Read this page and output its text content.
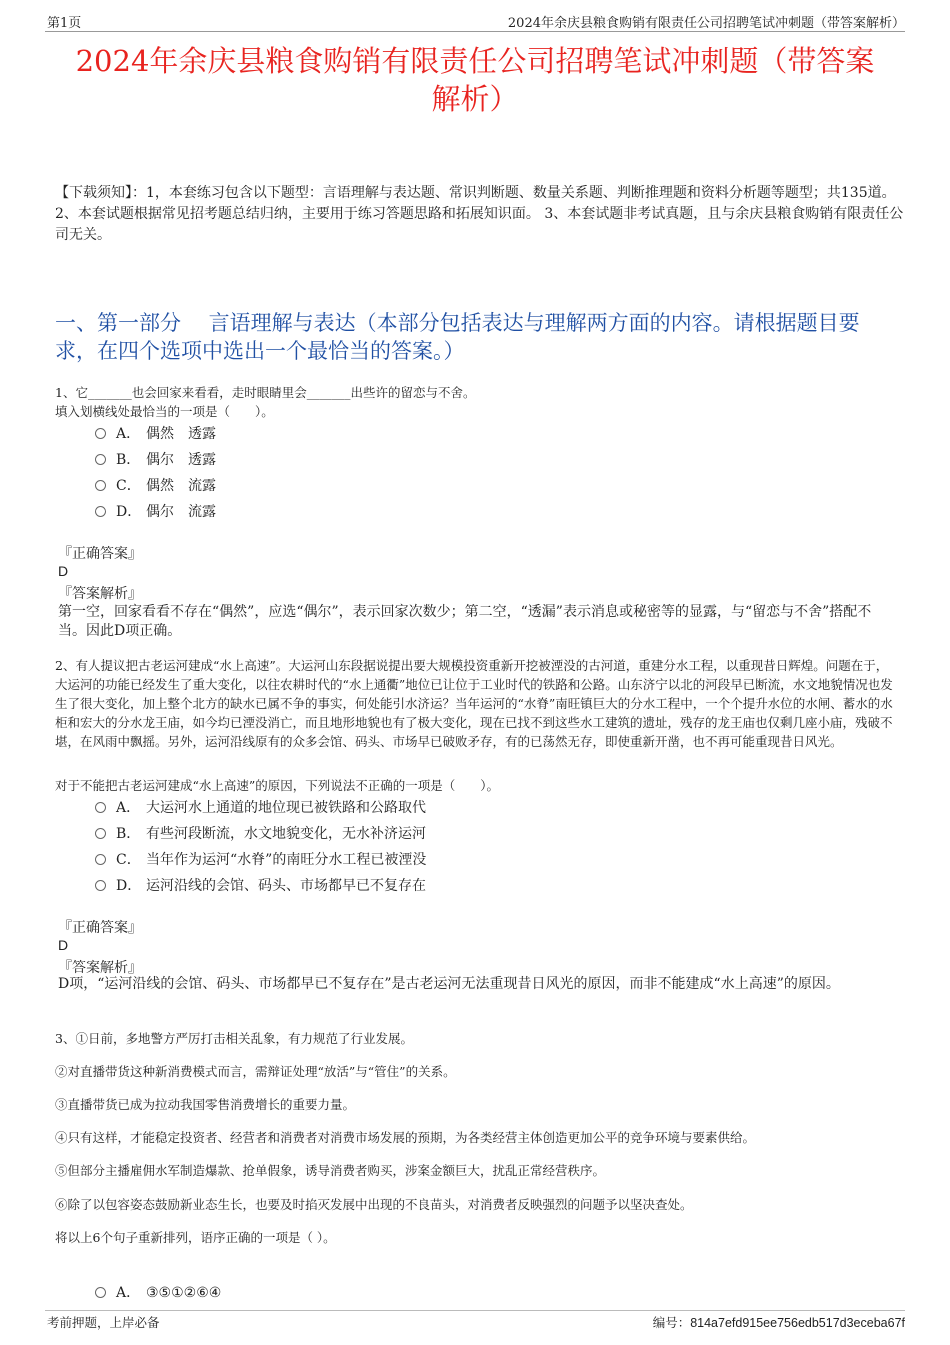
第1页	2024年余庆县粮食购销有限责任公司招聘笔试冲刺题（带答案解析）
2024年余庆县粮食购销有限责任公司招聘笔试冲刺题（带答案
解析）
【下载须知】：1，本套练习包含以下题型：言语理解与表达题、常识判断题、数量关系题、判断推理题和资料分析题等题型；共135道。 2、本套试题根据常见招考题总结归纳，主要用于练习答题思路和拓展知识面。 3、本套试题非考试真题，且与余庆县粮食购销有限责任公司无关。
一、第一部分　 言语理解与表达（本部分包括表达与理解两方面的内容。请根据题目要求，在四个选项中选出一个最恰当的答案。）
1、它_______也会回家来看看，走时眼睛里会_______出些许的留恋与不舍。
填入划横线处最恰当的一项是（　　）。
A． 偶然　透露
B． 偶尔　透露
C． 偶然　流露
D． 偶尔　流露
『正确答案』
D
『答案解析』
第一空，回家看看不存在“偶然”，应选“偶尔”，表示回家次数少；第二空，“透漏”表示消息或秘密等的显露，与“留恋与不舍”搭配不当。因此D项正确。
2、有人提议把古老运河建成“水上高速”。大运河山东段据说提出要大规模投资重新开挖被湮没的古河道，重建分水工程，以重现昔日辉煌。问题在于，大运河的功能已经发生了重大变化，以往农耕时代的“水上通衢”地位已让位于工业时代的铁路和公路。山东济宁以北的河段早已断流，水文地貌情况也发生了很大变化，加上整个北方的缺水已属不争的事实，何处能引水济运？当年运河的“水脊”南旺镇巨大的分水工程中，一个个提升水位的水闸、蓄水的水柜和宏大的分水龙王庙，如今均已湮没消亡，而且地形地貌也有了极大变化，现在已找不到这些水工建筑的遗址，残存的龙王庙也仅剩几座小庙，残破不堪，在风雨中飘摇。另外，运河沿线原有的众多会馆、码头、市场早已破败矛存，有的已荡然无存，即使重新开凿，也不再可能重现昔日风光。
对于不能把古老运河建成“水上高速”的原因，下列说法不正确的一项是（　　）。
A． 大运河水上通道的地位现已被铁路和公路取代
B． 有些河段断流，水文地貌变化，无水补济运河
C． 当年作为运河“水脊”的南旺分水工程已被湮没
D． 运河沿线的会馆、码头、市场都早已不复存在
『正确答案』
D
『答案解析』
D项，“运河沿线的会馆、码头、市场都早已不复存在”是古老运河无法重现昔日风光的原因，而非不能建成“水上高速”的原因。
3、①日前，多地警方严厉打击相关乱象，有力规范了行业发展。
②对直播带货这种新消费模式而言，需辩证处理“放活”与“管住”的关系。
③直播带货已成为拉动我国零售消费增长的重要力量。
④只有这样，才能稳定投资者、经营者和消费者对消费市场发展的预期，为各类经营主体创造更加公平的竞争环境与要素供给。
⑤但部分主播雇佣水军制造爆款、抢单假象，诱导消费者购买，涉案金额巨大，扰乱正常经营秩序。
⑥除了以包容姿态鼓励新业态生长，也要及时掐灭发展中出现的不良苗头，对消费者反映强烈的问题予以坚决查处。
将以上6个句子重新排列，语序正确的一项是（ ）。
A． ③⑤①②⑥④
考前押题，上岸必备	编号：814a7efd915ee756edb517d3eceba67f
